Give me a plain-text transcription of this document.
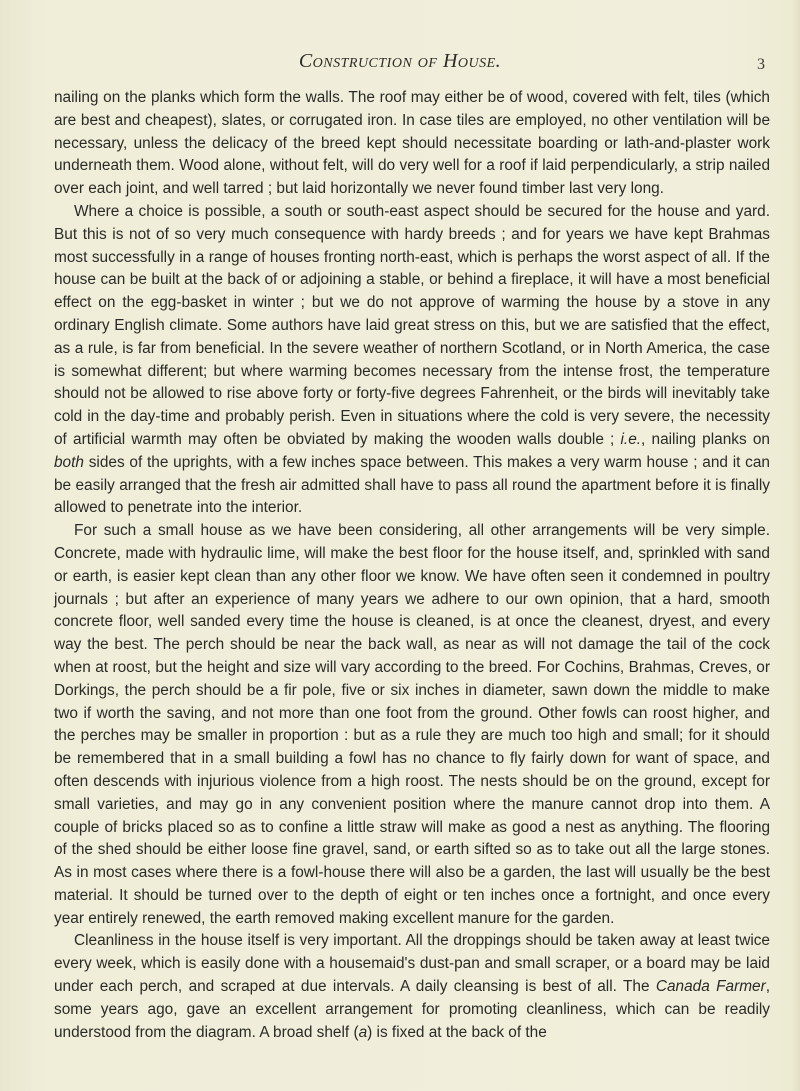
Construction of House.	3

nailing on the planks which form the walls. The roof may either be of wood, covered with felt, tiles (which are best and cheapest), slates, or corrugated iron. In case tiles are employed, no other ventilation will be necessary, unless the delicacy of the breed kept should necessitate boarding or lath-and-plaster work underneath them. Wood alone, without felt, will do very well for a roof if laid perpendicularly, a strip nailed over each joint, and well tarred ; but laid horizontally we never found timber last very long.

Where a choice is possible, a south or south-east aspect should be secured for the house and yard. But this is not of so very much consequence with hardy breeds ; and for years we have kept Brahmas most successfully in a range of houses fronting north-east, which is perhaps the worst aspect of all. If the house can be built at the back of or adjoining a stable, or behind a fireplace, it will have a most beneficial effect on the egg-basket in winter ; but we do not approve of warming the house by a stove in any ordinary English climate. Some authors have laid great stress on this, but we are satisfied that the effect, as a rule, is far from beneficial. In the severe weather of northern Scotland, or in North America, the case is somewhat different; but where warming becomes necessary from the intense frost, the temperature should not be allowed to rise above forty or forty-five degrees Fahrenheit, or the birds will inevitably take cold in the day-time and probably perish. Even in situations where the cold is very severe, the necessity of artificial warmth may often be obviated by making the wooden walls double ; i.e., nailing planks on both sides of the uprights, with a few inches space between. This makes a very warm house ; and it can be easily arranged that the fresh air admitted shall have to pass all round the apartment before it is finally allowed to penetrate into the interior.

For such a small house as we have been considering, all other arrangements will be very simple. Concrete, made with hydraulic lime, will make the best floor for the house itself, and, sprinkled with sand or earth, is easier kept clean than any other floor we know. We have often seen it condemned in poultry journals ; but after an experience of many years we adhere to our own opinion, that a hard, smooth concrete floor, well sanded every time the house is cleaned, is at once the cleanest, dryest, and every way the best. The perch should be near the back wall, as near as will not damage the tail of the cock when at roost, but the height and size will vary according to the breed. For Cochins, Brahmas, Creves, or Dorkings, the perch should be a fir pole, five or six inches in diameter, sawn down the middle to make two if worth the saving, and not more than one foot from the ground. Other fowls can roost higher, and the perches may be smaller in proportion : but as a rule they are much too high and small; for it should be remembered that in a small building a fowl has no chance to fly fairly down for want of space, and often descends with injurious violence from a high roost. The nests should be on the ground, except for small varieties, and may go in any convenient position where the manure cannot drop into them. A couple of bricks placed so as to confine a little straw will make as good a nest as anything. The flooring of the shed should be either loose fine gravel, sand, or earth sifted so as to take out all the large stones. As in most cases where there is a fowl-house there will also be a garden, the last will usually be the best material. It should be turned over to the depth of eight or ten inches once a fortnight, and once every year entirely renewed, the earth removed making excellent manure for the garden.

Cleanliness in the house itself is very important. All the droppings should be taken away at least twice every week, which is easily done with a housemaid's dust-pan and small scraper, or a board may be laid under each perch, and scraped at due intervals. A daily cleansing is best of all. The Canada Farmer, some years ago, gave an excellent arrangement for promoting cleanliness, which can be readily understood from the diagram. A broad shelf (a) is fixed at the back of the
